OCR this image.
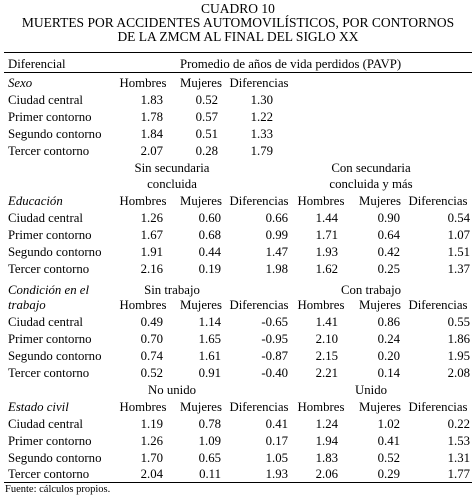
CUADRO 10
MUERTES POR ACCIDENTES AUTOMOVILÍSTICOS, POR CONTORNOS
DE LA ZMCM AL FINAL DEL SIGLO XX
Diferencial	Promedio de años de vida perdidos (PAVP)
Sexo	Hombres	Mujeres Diferencias
Ciudad central	1.83	0.52	1.30
Primer contorno	1.78	0.57	1.22
Segundo contorno	1.84	0.51	1.33
Tercer contorno	2.07	0.28	1.79
Sin secundaria
concluida
Con secundaria
concluida y más
Educación	Hombres	Mujeres Diferencias Hombres	Mujeres Diferencias
Ciudad central	1.26	0.60	0.66	1.44	0.90	0.54
Primer contorno	1.67	0.68	0.99	1.71	0.64	1.07
Segundo contorno	1.91	0.44	1.47	1.93	0.42	1.51
Tercer contorno	2.16	0.19	1.98	1.62	0.25	1.37
Condición en el	Sin trabajo	Con trabajo
trabajo	Hombres	Mujeres Diferencias Hombres	Mujeres Diferencias
Ciudad central	0.49	1.14	-0.65	1.41	0.86	0.55
Primer contorno	0.70	1.65	-0.95	2.10	0.24	1.86
Segundo contorno	0.74	1.61	-0.87	2.15	0.20	1.95
Tercer contorno	0.52	0.91	-0.40	2.21	0.14	2.08
No unido	Unido
Estado civil	Hombres	Mujeres Diferencias Hombres	Mujeres Diferencias
Ciudad central	1.19	0.78	0.41	1.24	1.02	0.22
Primer contorno	1.26	1.09	0.17	1.94	0.41	1.53
Segundo contorno	1.70	0.65	1.05	1.83	0.52	1.31
Tercer contorno	2.04	0.11	1.93	2.06	0.29	1.77
Fuente: cálculos propios.
